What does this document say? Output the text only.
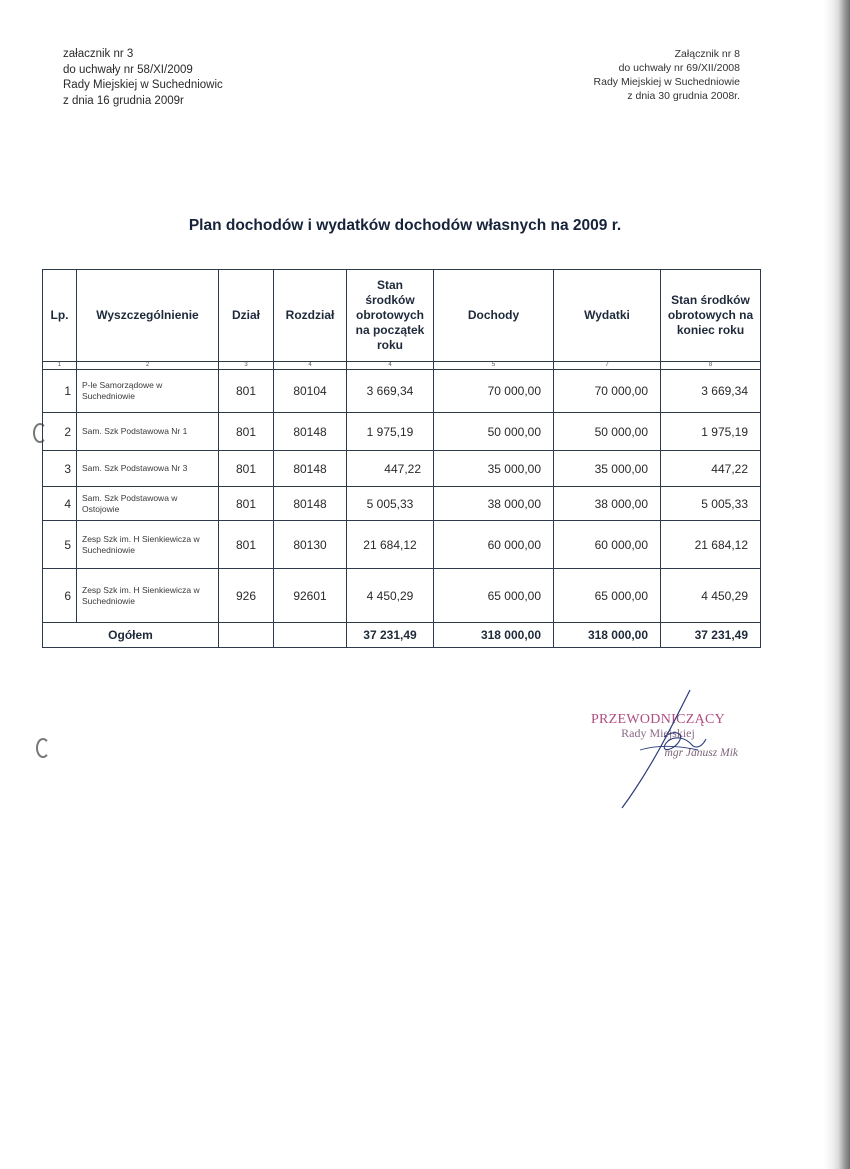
załacznik nr 3
do uchwały nr 58/XI/2009
Rady Miejskiej w Suchedniowic
z dnia 16 grudnia 2009r
Załącznik nr 8
do uchwały nr 69/XII/2008
Rady Miejskiej w Suchedniowie
z dnia 30 grudnia 2008r.
Plan dochodów i wydatków dochodów własnych na 2009 r.
Lp.	Wyszczególnienie	Dział	Rozdział	Stan środków obrotowych na początek roku	Dochody	Wydatki	Stan środków obrotowych na koniec roku
1	2	3	4	4	5	7	8
1	P-le Samorządowe w Suchedniowie	801	80104	3 669,34	70 000,00	70 000,00	3 669,34
2	Sam. Szk Podstawowa Nr 1	801	80148	1 975,19	50 000,00	50 000,00	1 975,19
3	Sam. Szk Podstawowa Nr 3	801	80148	447,22	35 000,00	35 000,00	447,22
4	Sam. Szk Podstawowa w Ostojowie	801	80148	5 005,33	38 000,00	38 000,00	5 005,33
5	Zesp Szk im. H Sienkiewicza w Suchedniowie	801	80130	21 684,12	60 000,00	60 000,00	21 684,12
6	Zesp Szk im. H Sienkiewicza w Suchedniowie	926	92601	4 450,29	65 000,00	65 000,00	4 450,29
Ogółem				37 231,49	318 000,00	318 000,00	37 231,49
PRZEWODNICZĄCY
Rady Miejskiej
mgr Janusz Mik
